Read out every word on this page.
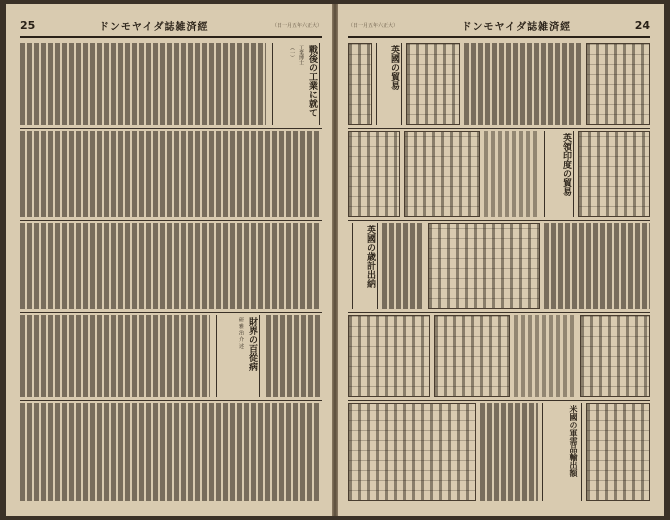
25	ドンモヤイダ誌雑済經	（日一月五年六正大）
戰後の工業に就て
工業博士
（一）
財界の百從病
研 雅 治 介 述
（日一月五年六正大）	ドンモヤイダ誌雑済經	24
英國の貿易
英領印度の貿易
英國の歳計出納
米國の軍需品輸出額
